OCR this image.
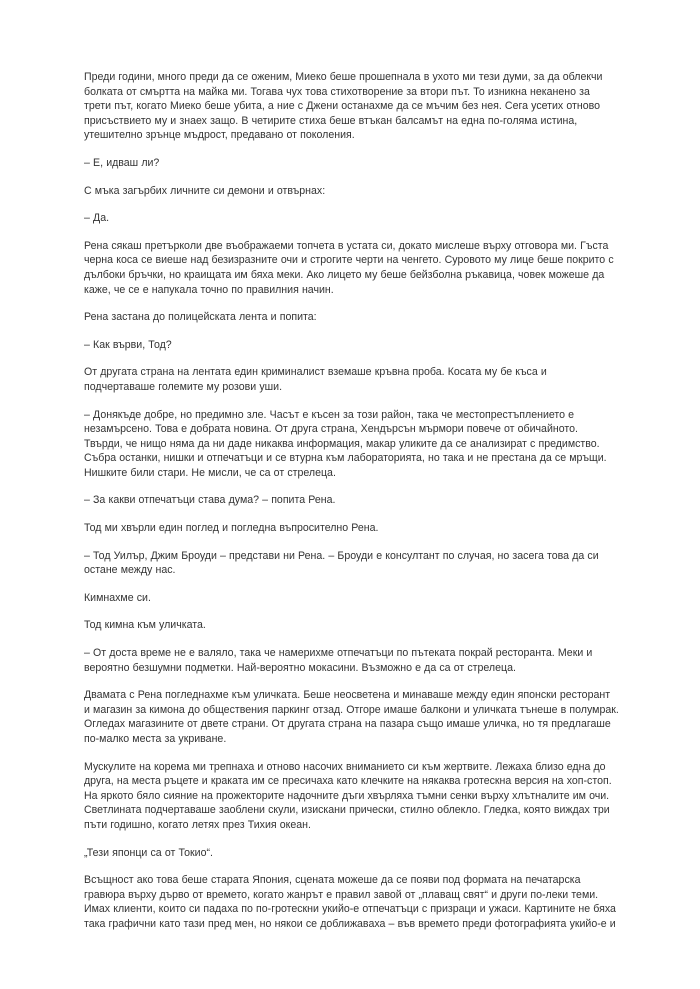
Преди години, много преди да се оженим, Миеко беше прошепнала в ухото ми тези думи, за да облекчи
болката от смъртта на майка ми. Тогава чух това стихотворение за втори път. То изникна неканено за
трети път, когато Миеко беше убита, а ние с Джени останахме да се мъчим без нея. Сега усетих отново
присъствието му и знаех защо. В четирите стиха беше втъкан балсамът на една по-голяма истина,
утешително зрънце мъдрост, предавано от поколения.

– Е, идваш ли?

С мъка загърбих личните си демони и отвърнах:

– Да.

Рена сякаш претъркoли две въображаеми топчета в устата си, докато мислеше върху отговора ми. Гъста
черна коса се виеше над безизразните очи и строгите черти на ченгето. Суровото му лице беше покрито с
дълбоки бръчки, но краищата им бяха меки. Ако лицето му беше бейзболна ръкавица, човек можеше да
каже, че се е напукала точно по правилния начин.

Рена застана до полицейската лента и попита:

– Как върви, Тод?

От другата страна на лентата един криминалист вземаше кръвна проба. Косата му бе къса и
подчертаваше големите му розови уши.

– Донякъде добре, но предимно зле. Часът е късен за този район, така че местопрестъплението е
незамърсено. Това е добрата новина. От друга страна, Хендърсън мърмори повече от обичайното.
Твърди, че нищо няма да ни даде никаква информация, макар уликите да се анализират с предимство.
Събра останки, нишки и отпечатъци и се втурна към лабораторията, но така и не престана да се мръщи.
Нишките били стари. Не мисли, че са от стрелеца.

– За какви отпечатъци става дума? – попита Рена.

Тод ми хвърли един поглед и погледна въпросително Рена.

– Тод Уилър, Джим Броуди – представи ни Рена. – Броуди е консултант по случая, но засега това да си
остане между нас.

Кимнахме си.

Тод кимна към уличката.

– От доста време не е валяло, така че намерихме отпечатъци по пътеката покрай ресторанта. Меки и
вероятно безшумни подметки. Най-вероятно мокасини. Възможно е да са от стрелеца.

Двамата с Рена погледнахме към уличката. Беше неосветена и минаваше между един японски ресторант
и магазин за кимона до обществения паркинг отзад. Отгоре имаше балкони и уличката тънеше в полумрак.
Огледах магазините от двете страни. От другата страна на пазара също имаше уличка, но тя предлагаше
по-малко места за укриване.

Мускулите на корема ми трепнаха и отново насочих вниманието си към жертвите. Лежаха близо една до
друга, на места ръцете и краката им се пресичаха като клечките на някаква гротескна версия на хоп-стоп.
На яркото бяло сияние на прожекторите надочните дъги хвърляха тъмни сенки върху хлътналите им очи.
Светлината подчертаваше заоблени скули, изискани прически, стилно облекло. Гледка, която виждах три
пъти годишно, когато летях през Тихия океан.

„Тези японци са от Токио“.

Всъщност ако това беше старата Япония, сцената можеше да се появи под формата на печатарска
гравюра върху дърво от времето, когато жанрът е правил завой от „плаващ свят“ и други по-леки теми.
Имах клиенти, които си падаха по по-гротескни укийо-е отпечатъци с призраци и ужаси. Картините не бяха
така графични като тази пред мен, но някои се доближаваха – във времето преди фотографията укийо-е и
